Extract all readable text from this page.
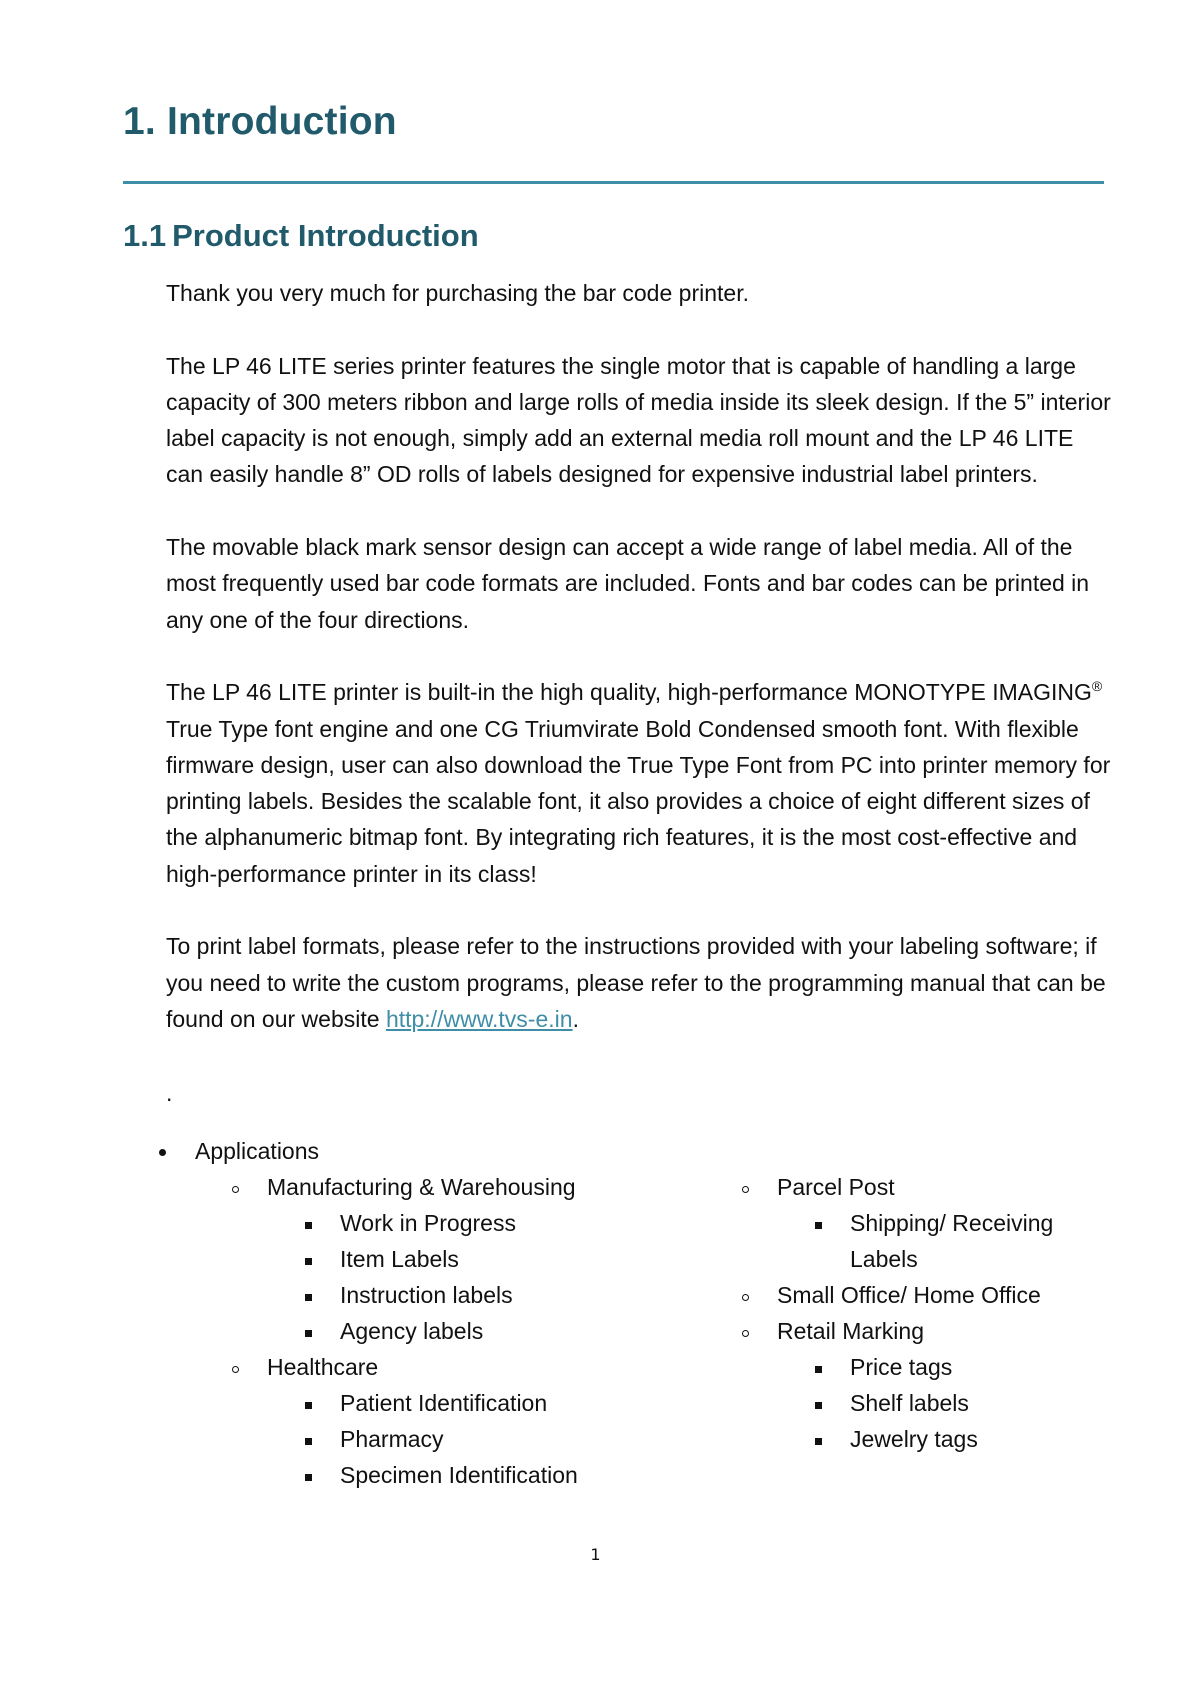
1. Introduction
1.1 Product Introduction

Thank you very much for purchasing the bar code printer.

The LP 46 LITE series printer features the single motor that is capable of handling a large capacity of 300 meters ribbon and large rolls of media inside its sleek design. If the 5” interior label capacity is not enough, simply add an external media roll mount and the LP 46 LITE can easily handle 8” OD rolls of labels designed for expensive industrial label printers.

The movable black mark sensor design can accept a wide range of label media. All of the most frequently used bar code formats are included. Fonts and bar codes can be printed in any one of the four directions.

The LP 46 LITE printer is built-in the high quality, high-performance MONOTYPE IMAGING® True Type font engine and one CG Triumvirate Bold Condensed smooth font. With flexible firmware design, user can also download the True Type Font from PC into printer memory for printing labels. Besides the scalable font, it also provides a choice of eight different sizes of the alphanumeric bitmap font. By integrating rich features, it is the most cost-effective and high-performance printer in its class!

To print label formats, please refer to the instructions provided with your labeling software; if you need to write the custom programs, please refer to the programming manual that can be found on our website http://www.tvs-e.in.

.
Applications
Manufacturing & Warehousing
Work in Progress
Item Labels
Instruction labels
Agency labels
Healthcare
Patient Identification
Pharmacy
Specimen Identification
Parcel Post
Shipping/ Receiving
Labels
Small Office/ Home Office
Retail Marking
Price tags
Shelf labels
Jewelry tags
1
